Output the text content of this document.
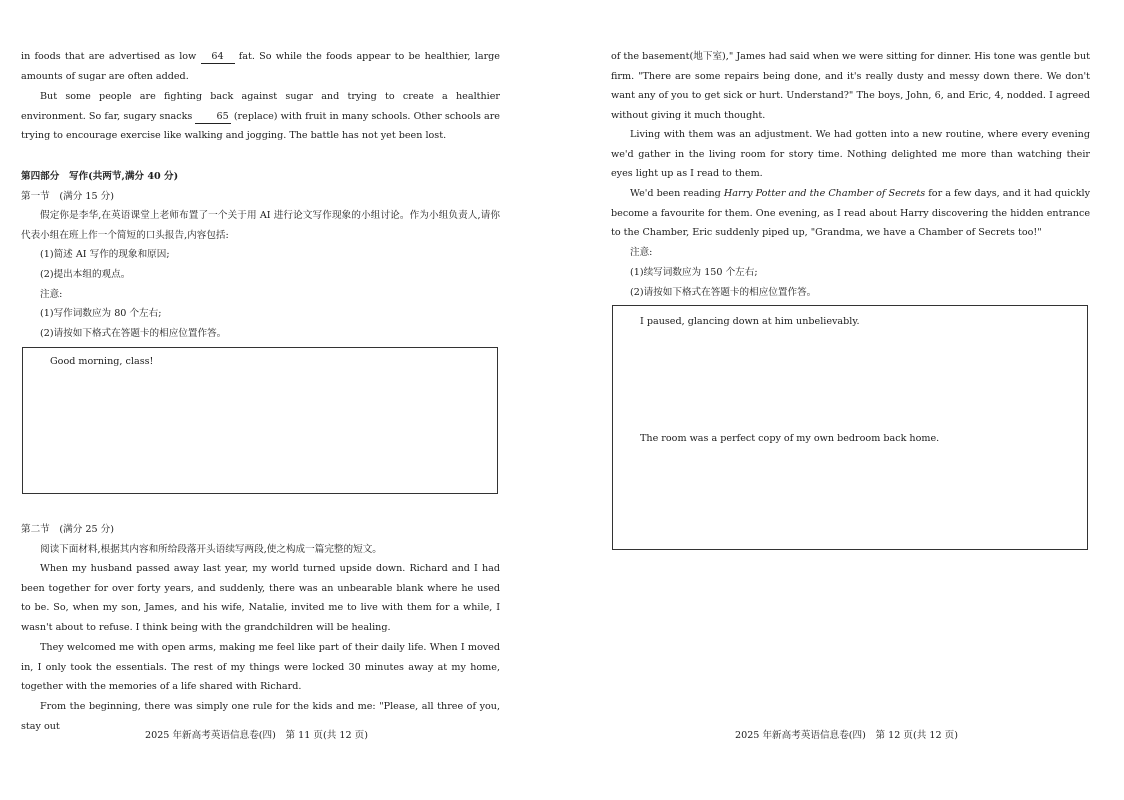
in foods that are advertised as low 64 fat. So while the foods appear to be healthier, large amounts of sugar are often added.

But some people are fighting back against sugar and trying to create a healthier environment. So far, sugary snacks	65 (replace) with fruit in many schools. Other schools are trying to encourage exercise like walking and jogging. The battle has not yet been lost.

第四部分　写作(共两节,满分 40 分)

第一节　(满分 15 分)

假定你是李华,在英语课堂上老师布置了一个关于用 AI 进行论文写作现象的小组讨论。作为小组负责人,请你代表小组在班上作一个简短的口头报告,内容包括:

(1)简述 AI 写作的现象和原因;

(2)提出本组的观点。

注意:

(1)写作词数应为 80 个左右;

(2)请按如下格式在答题卡的相应位置作答。

Good morning, class!

第二节　(满分 25 分)

阅读下面材料,根据其内容和所给段落开头语续写两段,使之构成一篇完整的短文。

When my husband passed away last year, my world turned upside down. Richard and I had been together for over forty years, and suddenly, there was an unbearable blank where he used to be. So, when my son, James, and his wife, Natalie, invited me to live with them for a while, I wasn't about to refuse. I think being with the grandchildren will be healing.

They welcomed me with open arms, making me feel like part of their daily life. When I moved in, I only took the essentials. The rest of my things were locked 30 minutes away at my home, together with the memories of a life shared with Richard.

From the beginning, there was simply one rule for the kids and me: "Please, all three of you, stay out

2025 年新高考英语信息卷(四)　第 11 页(共 12 页)

of the basement(地下室)," James had said when we were sitting for dinner. His tone was gentle but firm. "There are some repairs being done, and it's really dusty and messy down there. We don't want any of you to get sick or hurt. Understand?" The boys, John, 6, and Eric, 4, nodded. I agreed without giving it much thought.

Living with them was an adjustment. We had gotten into a new routine, where every evening we'd gather in the living room for story time. Nothing delighted me more than watching their eyes light up as I read to them.

We'd been reading Harry Potter and the Chamber of Secrets for a few days, and it had quickly become a favourite for them. One evening, as I read about Harry discovering the hidden entrance to the Chamber, Eric suddenly piped up, "Grandma, we have a Chamber of Secrets too!"

注意:

(1)续写词数应为 150 个左右;

(2)请按如下格式在答题卡的相应位置作答。

I paused, glancing down at him unbelievably.
The room was a perfect copy of my own bedroom back home.
2025 年新高考英语信息卷(四)　第 12 页(共 12 页)
